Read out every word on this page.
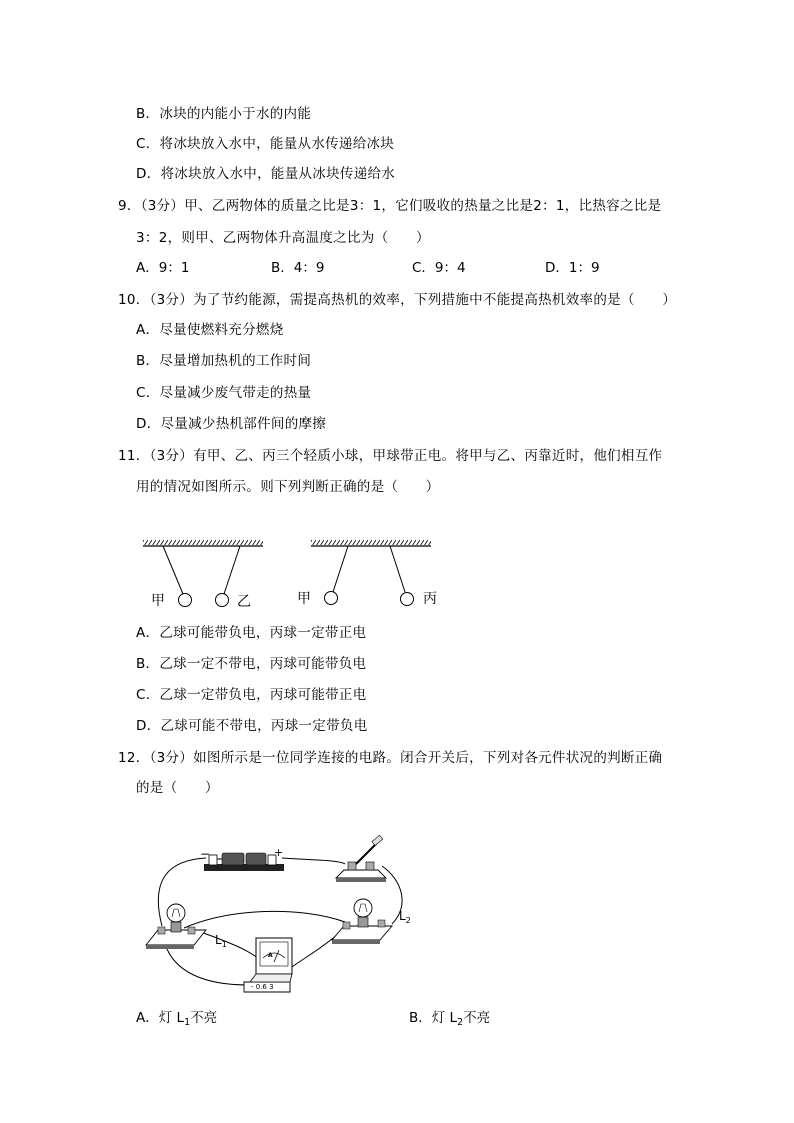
B．冰块的内能小于水的内能
C．将冰块放入水中，能量从水传递给冰块
D．将冰块放入水中，能量从冰块传递给水
9．（3分）甲、乙两物体的质量之比是3：1，它们吸收的热量之比是2：1，比热容之比是
3：2，则甲、乙两物体升高温度之比为（　　）
A．9：1	B．4：9	C．9：4	D．1：9
10．（3分）为了节约能源，需提高热机的效率，下列措施中不能提高热机效率的是（　　）
A．尽量使燃料充分燃烧
B．尽量增加热机的工作时间
C．尽量减少废气带走的热量
D．尽量减少热机部件间的摩擦
11．（3分）有甲、乙、丙三个轻质小球，甲球带正电。将甲与乙、丙靠近时，他们相互作
用的情况如图所示。则下列判断正确的是（　　）
甲	乙	甲	丙
A．乙球可能带负电，丙球一定带正电
B．乙球一定不带电，丙球可能带负电
C．乙球一定带负电，丙球可能带正电
D．乙球可能不带电，丙球一定带负电
12．（3分）如图所示是一位同学连接的电路。闭合开关后，下列对各元件状况的判断正确
的是（　　）
−	+
$L_1$
$L_2$
A
- 0.6 3
A．灯 $L_1$不亮	B．灯 $L_2$不亮
